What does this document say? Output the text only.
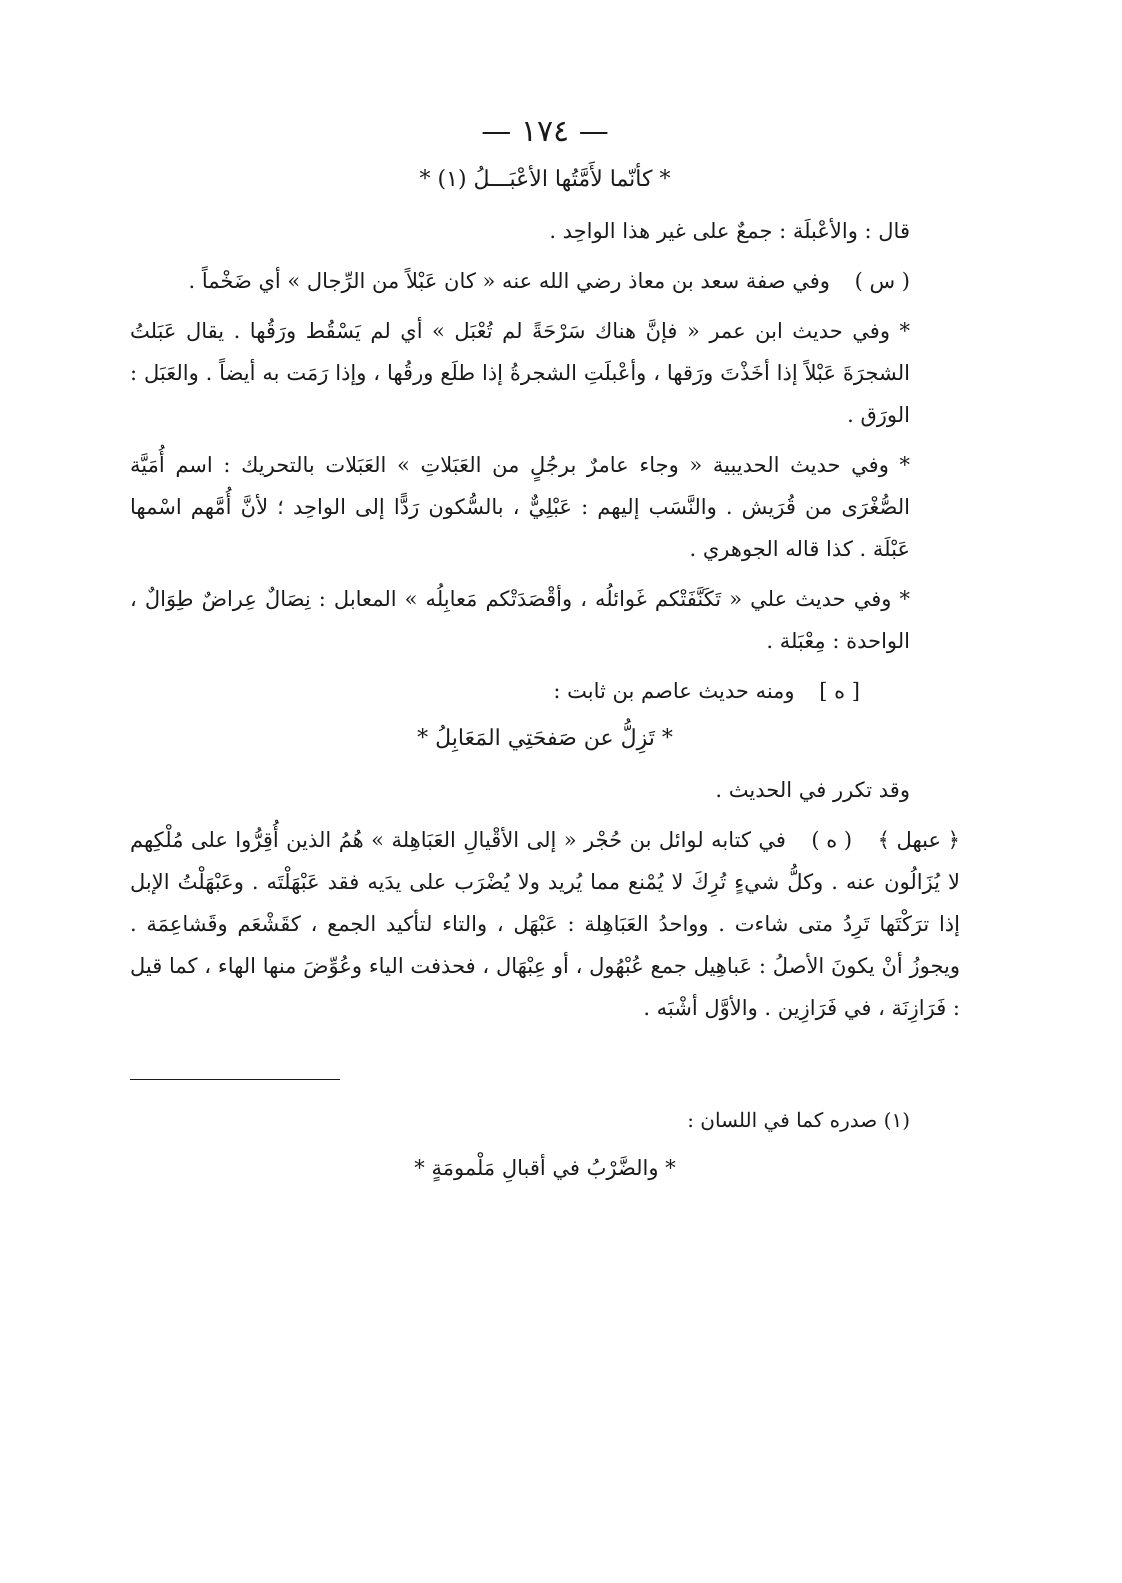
— ١٧٤ —
* كأنّما لأَمَّتُها الأعْبَـــلُ (١) *

قال : والأعْبلَة : جمعٌ على غير هذا الواحِد .

( س ) وفي صفة سعد بن معاذ رضي الله عنه « كان عَبْلاً من الرِّجال » أي ضَخْماً .

* وفي حديث ابن عمر « فإنَّ هناك سَرْحَةً لم تُعْبَل » أي لم يَسْقُط ورَقُها . يقال عَبَلتُ الشجرَةَ عَبْلاً إذا أخَذْتَ ورَقها ، وأعْبلَتِ الشجرةُ إذا طلَع ورقُها ، وإذا رَمَت به أيضاً . والعَبَل : الورَق .

* وفي حديث الحديبية « وجاء عامرٌ برجُلٍ من العَبَلاتِ » العَبَلات بالتحريك : اسم أُمَيَّة الصُّغْرَى من قُرَيش . والنَّسَب إليهم : عَبْلِيٌّ ، بالسُّكون رَدًّا إلى الواحِد ؛ لأنَّ أُمَّهم اسْمها عَبْلَة . كذا قاله الجوهري .

* وفي حديث علي « تَكَنَّفَتْكم غَوائلُه ، وأقْصَدَتْكم مَعابِلُه » المعابل : نِصَالٌ عِراضٌ طِوَالٌ ، الواحدة : مِعْبَلة .

[ ه ] ومنه حديث عاصم بن ثابت :

* تَزِلُّ عن صَفحَتِي المَعَابِلُ *

وقد تكرر في الحديث .

﴿ عبهل ﴾ ( ه ) في كتابه لوائل بن حُجْر « إلى الأقْيالِ العَبَاهِلة » هُمُ الذين أُقِرُّوا على مُلْكِهم لا يُزَالُون عنه . وكلُّ شيءٍ تُرِكَ لا يُمْنع مما يُريد ولا يُضْرَب على يدَيه فقد عَبْهَلْتَه . وعَبْهَلْتُ الإبل إذا ترَكْتَها تَرِدُ متى شاءت . وواحدُ العَبَاهِلة : عَبْهَل ، والتاء لتأكيد الجمع ، كقَشْعَم وقَشاعِمَة . ويجوزُ أنْ يكونَ الأصلُ : عَباهِيل جمع عُبْهُول ، أو عِبْهَال ، فحذفت الياء وعُوِّضَ منها الهاء ، كما قيل : فَرَازِنَة ، في فَرَازِين . والأوَّل أشْبَه .

(١) صدره كما في اللسان :

* والضَّرْبُ في أقبالِ مَلْمومَةٍ *
